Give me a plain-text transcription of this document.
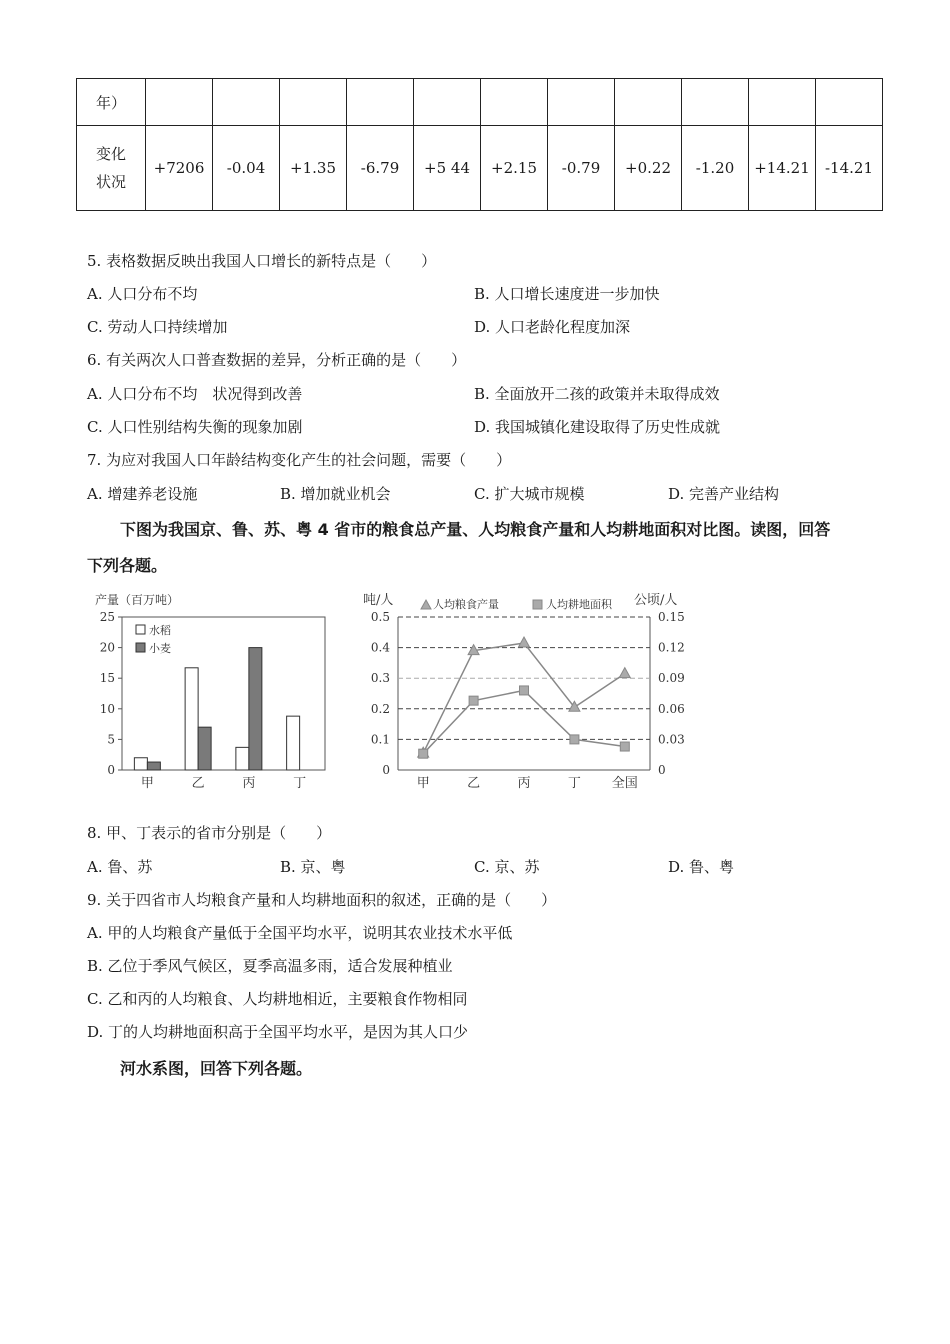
年）											

变化状况	+7206	-0.04	+1.35	-6.79	+5 44	+2.15	-0.79	+0.22	-1.20	+14.21	-14.21
5. 表格数据反映出我国人口增长的新特点是（　　）
A. 人口分布不均	B. 人口增长速度进一步加快
C. 劳动人口持续增加	D. 人口老龄化程度加深
6. 有关两次人口普查数据的差异，分析正确的是（　　）
A. 人口分布不均　状况得到改善	B. 全面放开二孩的政策并未取得成效
C. 人口性别结构失衡的现象加剧	D. 我国城镇化建设取得了历史性成就
7. 为应对我国人口年龄结构变化产生的社会问题，需要（　　）
A. 增建养老设施	B. 增加就业机会	C. 扩大城市规模	D. 完善产业结构
下图为我国京、鲁、苏、粤 4 省市的粮食总产量、人均粮食产量和人均耕地面积对比图。读图，回答
下列各题。
产量（百万吨）
0
5
10
15
20
25
甲	乙	丙	丁
水稻
小麦
吨/人	公顷/人
人均粮食产量	人均耕地面积
0	0
0.1	0.03
0.2	0.06
0.3	0.09
0.4	0.12
0.5	0.15
甲	乙	丙	丁 全国
8. 甲、丁表示的省市分别是（　　）
A. 鲁、苏	B. 京、粤	C. 京、苏	D. 鲁、粤
9. 关于四省市人均粮食产量和人均耕地面积的叙述，正确的是（　　）
A. 甲的人均粮食产量低于全国平均水平，说明其农业技术水平低
B. 乙位于季风气候区，夏季高温多雨，适合发展种植业
C. 乙和丙的人均粮食、人均耕地相近，主要粮食作物相同
D. 丁的人均耕地面积高于全国平均水平，是因为其人口少
河水系图，回答下列各题。
